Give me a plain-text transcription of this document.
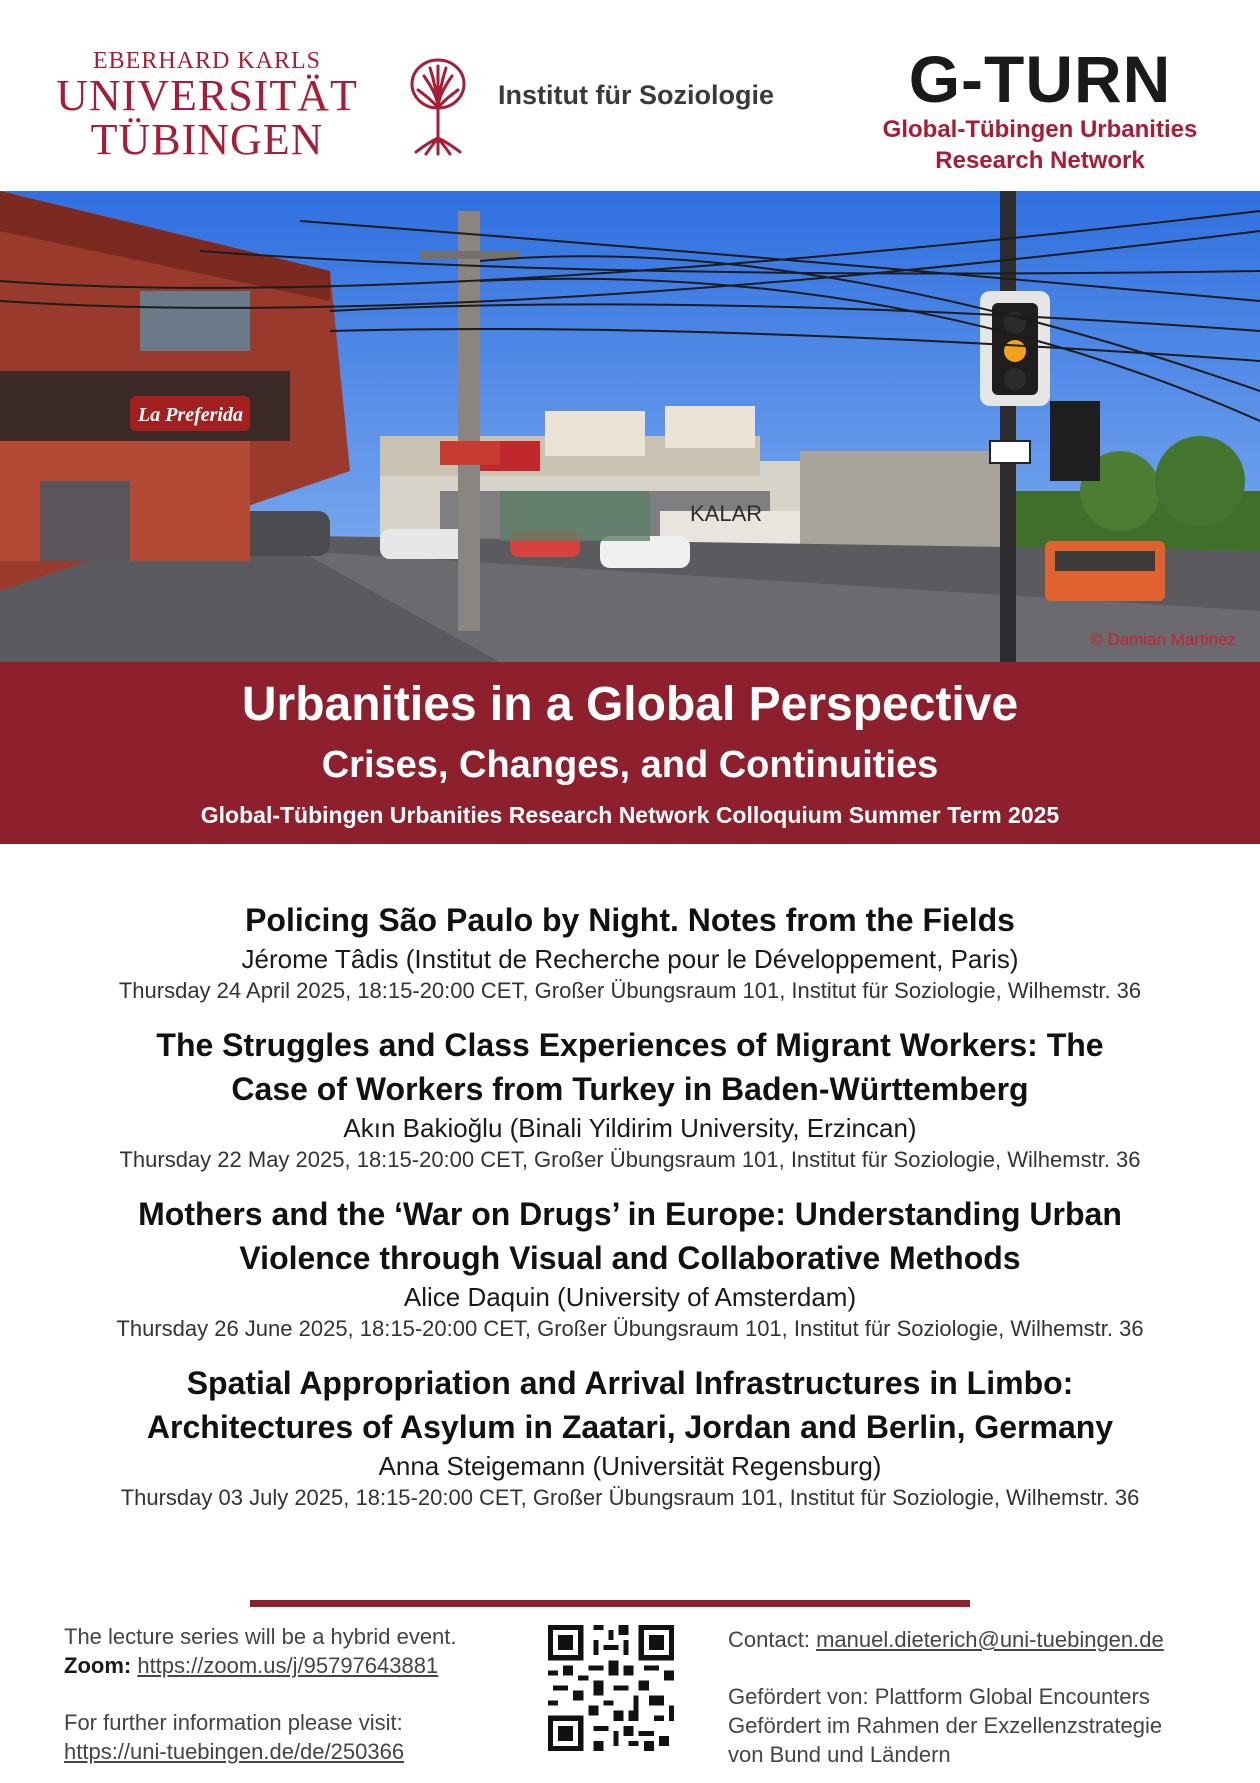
EBERHARD KARLS
UNIVERSITÄT
TÜBINGEN
Institut für Soziologie	G-TURN
Global-Tübingen Urbanities
Research Network
La Preferida
KALAR
© Damian Martinez
Urbanities in a Global Perspective
Crises, Changes, and Continuities
Global-Tübingen Urbanities Research Network Colloquium Summer Term 2025
Policing São Paulo by Night. Notes from the Fields
Jérome Tâdis (Institut de Recherche pour le Développement, Paris)
Thursday 24 April 2025, 18:15-20:00 CET, Großer Übungsraum 101, Institut für Soziologie, Wilhemstr. 36
The Struggles and Class Experiences of Migrant Workers: The
Case of Workers from Turkey in Baden-Württemberg
Akın Bakioğlu (Binali Yildirim University, Erzincan)
Thursday 22 May 2025, 18:15-20:00 CET, Großer Übungsraum 101, Institut für Soziologie, Wilhemstr. 36
Mothers and the ‘War on Drugs’ in Europe: Understanding Urban
Violence through Visual and Collaborative Methods
Alice Daquin (University of Amsterdam)
Thursday 26 June 2025, 18:15-20:00 CET, Großer Übungsraum 101, Institut für Soziologie, Wilhemstr. 36
Spatial Appropriation and Arrival Infrastructures in Limbo:
Architectures of Asylum in Zaatari, Jordan and Berlin, Germany
Anna Steigemann (Universität Regensburg)
Thursday 03 July 2025, 18:15-20:00 CET, Großer Übungsraum 101, Institut für Soziologie, Wilhemstr. 36
The lecture series will be a hybrid event.
Zoom: https://zoom.us/j/95797643881
For further information please visit:
https://uni-tuebingen.de/de/250366
Contact: manuel.dieterich@uni-tuebingen.de
Gefördert von: Plattform Global Encounters
Gefördert im Rahmen der Exzellenzstrategie
von Bund und Ländern
